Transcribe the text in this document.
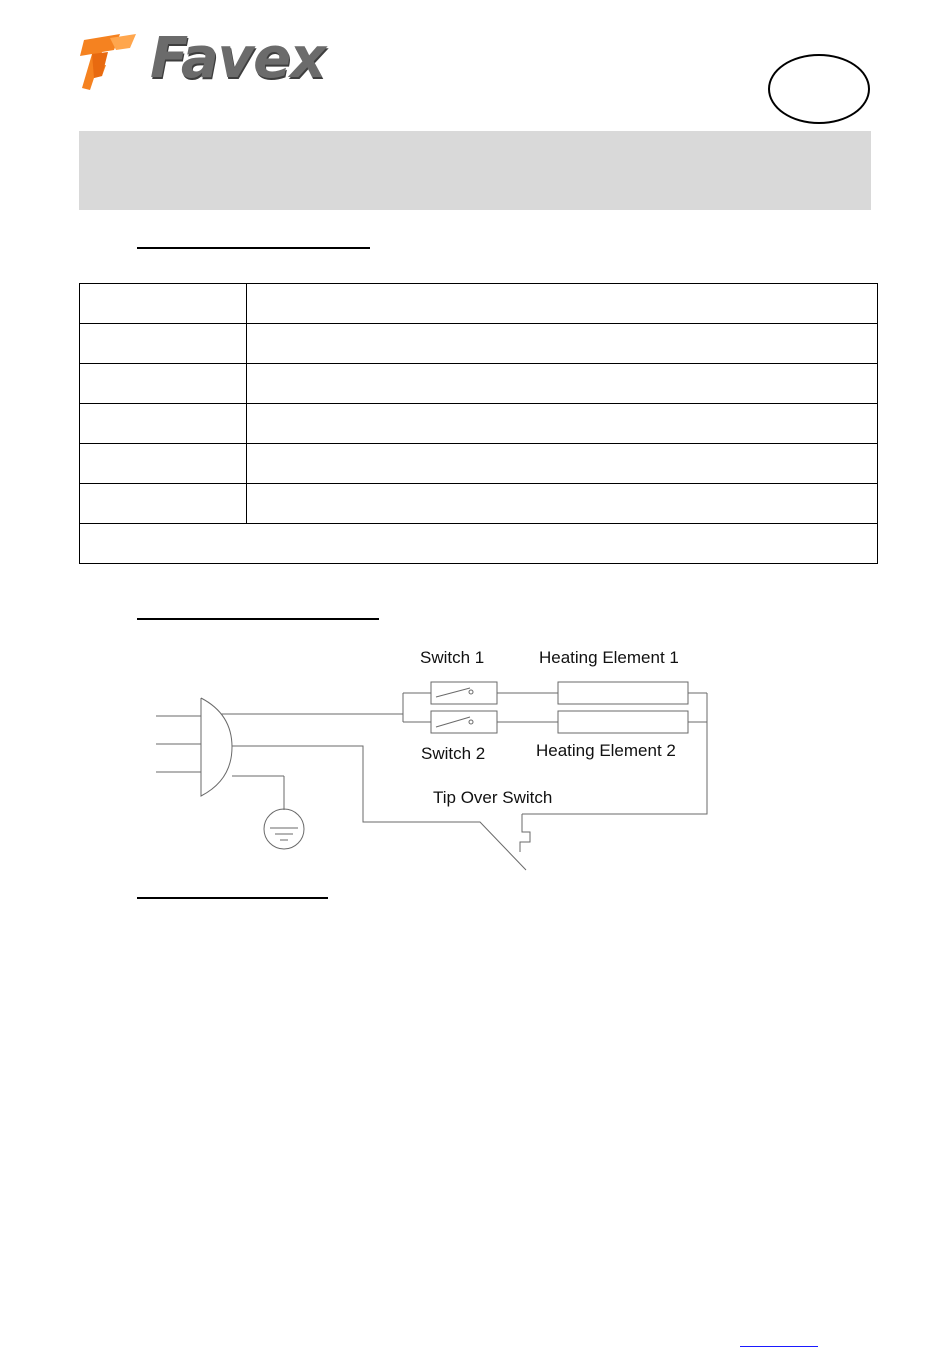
Favex

Switch 1	Heating Element 1
Switch 2	Heating Element 2
Tip Over Switch
